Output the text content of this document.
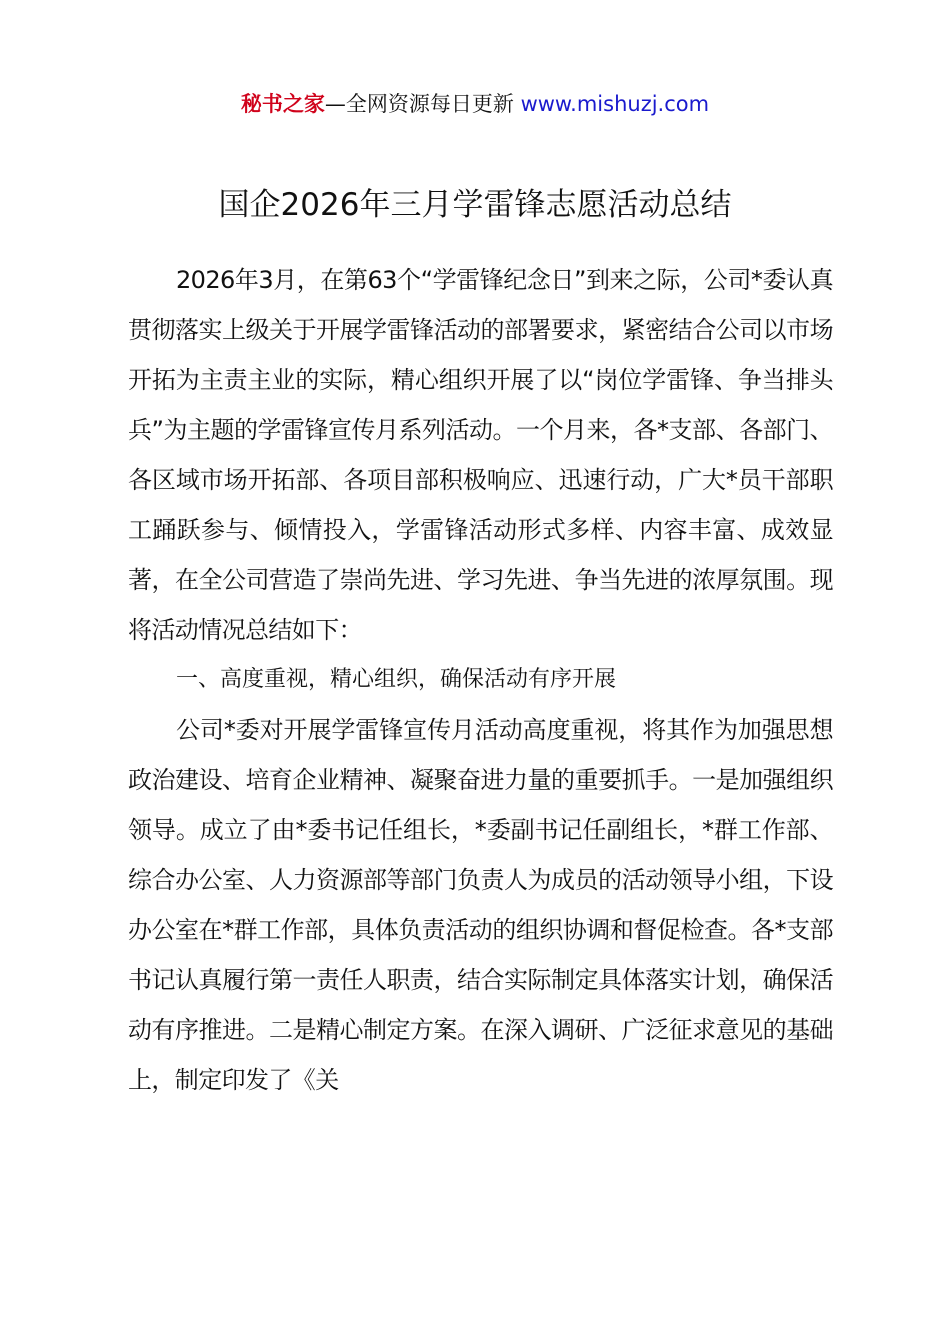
秘书之家—全网资源每日更新 www.mishuzj.com
国企2026年三月学雷锋志愿活动总结

2026年3月，在第63个“学雷锋纪念日”到来之际，公司*委认真贯彻落实上级关于开展学雷锋活动的部署要求，紧密结合公司以市场开拓为主责主业的实际，精心组织开展了以“岗位学雷锋、争当排头兵”为主题的学雷锋宣传月系列活动。一个月来，各*支部、各部门、各区域市场开拓部、各项目部积极响应、迅速行动，广大*员干部职工踊跃参与、倾情投入，学雷锋活动形式多样、内容丰富、成效显著，在全公司营造了崇尚先进、学习先进、争当先进的浓厚氛围。现将活动情况总结如下：

一、高度重视，精心组织，确保活动有序开展

公司*委对开展学雷锋宣传月活动高度重视，将其作为加强思想政治建设、培育企业精神、凝聚奋进力量的重要抓手。一是加强组织领导。成立了由*委书记任组长，*委副书记任副组长，*群工作部、综合办公室、人力资源部等部门负责人为成员的活动领导小组，下设办公室在*群工作部，具体负责活动的组织协调和督促检查。各*支部书记认真履行第一责任人职责，结合实际制定具体落实计划，确保活动有序推进。二是精心制定方案。在深入调研、广泛征求意见的基础上，制定印发了《关
